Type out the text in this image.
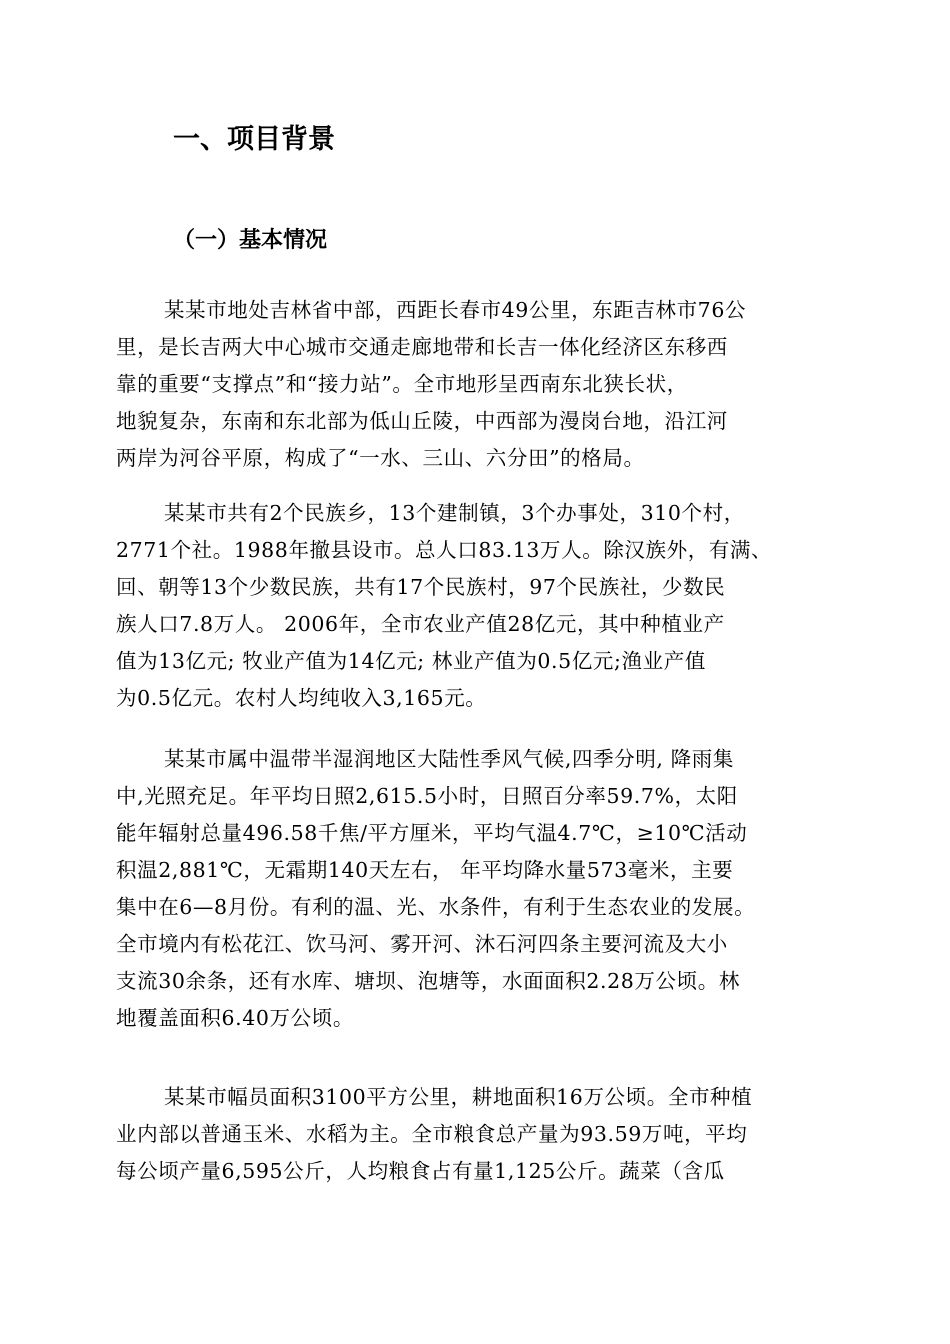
一、项目背景
（一）基本情况
某某市地处吉林省中部，西距长春市49公里，东距吉林市76公
里，是长吉两大中心城市交通走廊地带和长吉一体化经济区东移西
靠的重要“支撑点”和“接力站”。全市地形呈西南东北狭长状，
地貌复杂，东南和东北部为低山丘陵，中西部为漫岗台地，沿江河
两岸为河谷平原，构成了“一水、三山、六分田”的格局。
某某市共有2个民族乡，13个建制镇，3个办事处，310个村，
2771个社。1988年撤县设市。总人口83.13万人。除汉族外，有满、
回、朝等13个少数民族，共有17个民族村，97个民族社，少数民
族人口7.8万人。 2006年，全市农业产值28亿元，其中种植业产
值为13亿元; 牧业产值为14亿元; 林业产值为0.5亿元;渔业产值
为0.5亿元。农村人均纯收入3,165元。
某某市属中温带半湿润地区大陆性季风气候,四季分明, 降雨集
中,光照充足。年平均日照2,615.5小时，日照百分率59.7%，太阳
能年辐射总量496.58千焦/平方厘米，平均气温4.7℃，≥10℃活动
积温2,881℃，无霜期140天左右， 年平均降水量573毫米，主要
集中在6—8月份。有利的温、光、水条件，有利于生态农业的发展。
全市境内有松花江、饮马河、雾开河、沐石河四条主要河流及大小
支流30余条，还有水库、塘坝、泡塘等，水面面积2.28万公顷。林
地覆盖面积6.40万公顷。
某某市幅员面积3100平方公里，耕地面积16万公顷。全市种植
业内部以普通玉米、水稻为主。全市粮食总产量为93.59万吨，平均
每公顷产量6,595公斤，人均粮食占有量1,125公斤。蔬菜（含瓜
